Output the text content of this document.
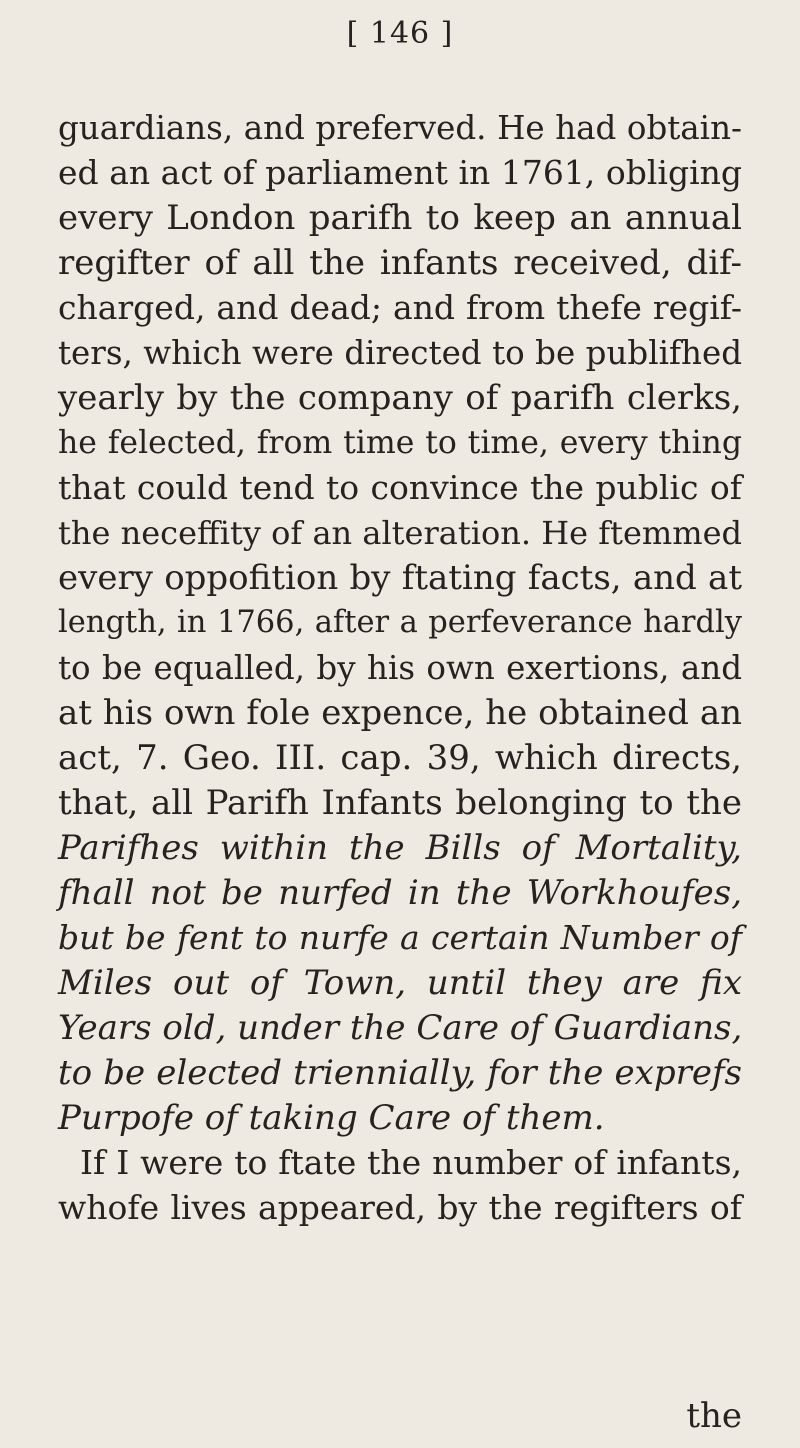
[ 146 ]
guardians, and preferved. He had obtain-
ed an act of parliament in 1761, obliging
every London parifh to keep an annual
regifter of all the infants received, dif-
charged, and dead; and from thefe regif-
ters, which were directed to be publifhed
yearly by the company of parifh clerks,
he felected, from time to time, every thing
that could tend to convince the public of
the neceffity of an alteration. He ftemmed
every oppofition by ftating facts, and at
length, in 1766, after a perfeverance hardly
to be equalled, by his own exertions, and
at his own fole expence, he obtained an
act, 7. Geo. III. cap. 39, which directs,
that, all Parifh Infants belonging to the
Parifhes within the Bills of Mortality,
fhall not be nurfed in the Workhoufes,
but be fent to nurfe a certain Number of
Miles out of Town, until they are fix
Years old, under the Care of Guardians,
to be elected triennially, for the exprefs
Purpofe of taking Care of them.
If I were to ftate the number of infants,
whofe lives appeared, by the regifters of
the
